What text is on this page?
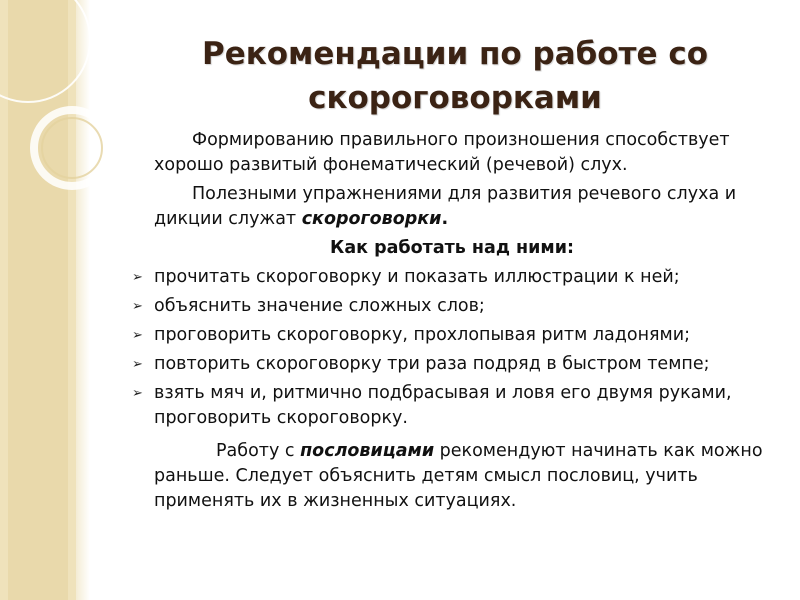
Рекомендации по работе со
скороговорками

Формированию правильного произношения способствует хорошо развитый фонематический (речевой) слух.

Полезными упражнениями для развития речевого слуха и дикции служат скороговорки.

Как работать над ними:
➢ прочитать скороговорку и показать иллюстрации к ней;
➢ объяснить значение сложных слов;
➢ проговорить скороговорку, прохлопывая ритм ладонями;
➢ повторить скороговорку три раза подряд в быстром темпе;
➢ взять мяч и, ритмично подбрасывая и ловя его двумя руками, проговорить скороговорку.

Работу с пословицами рекомендуют начинать как можно раньше. Следует объяснить детям смысл пословиц, учить применять их в жизненных ситуациях.
